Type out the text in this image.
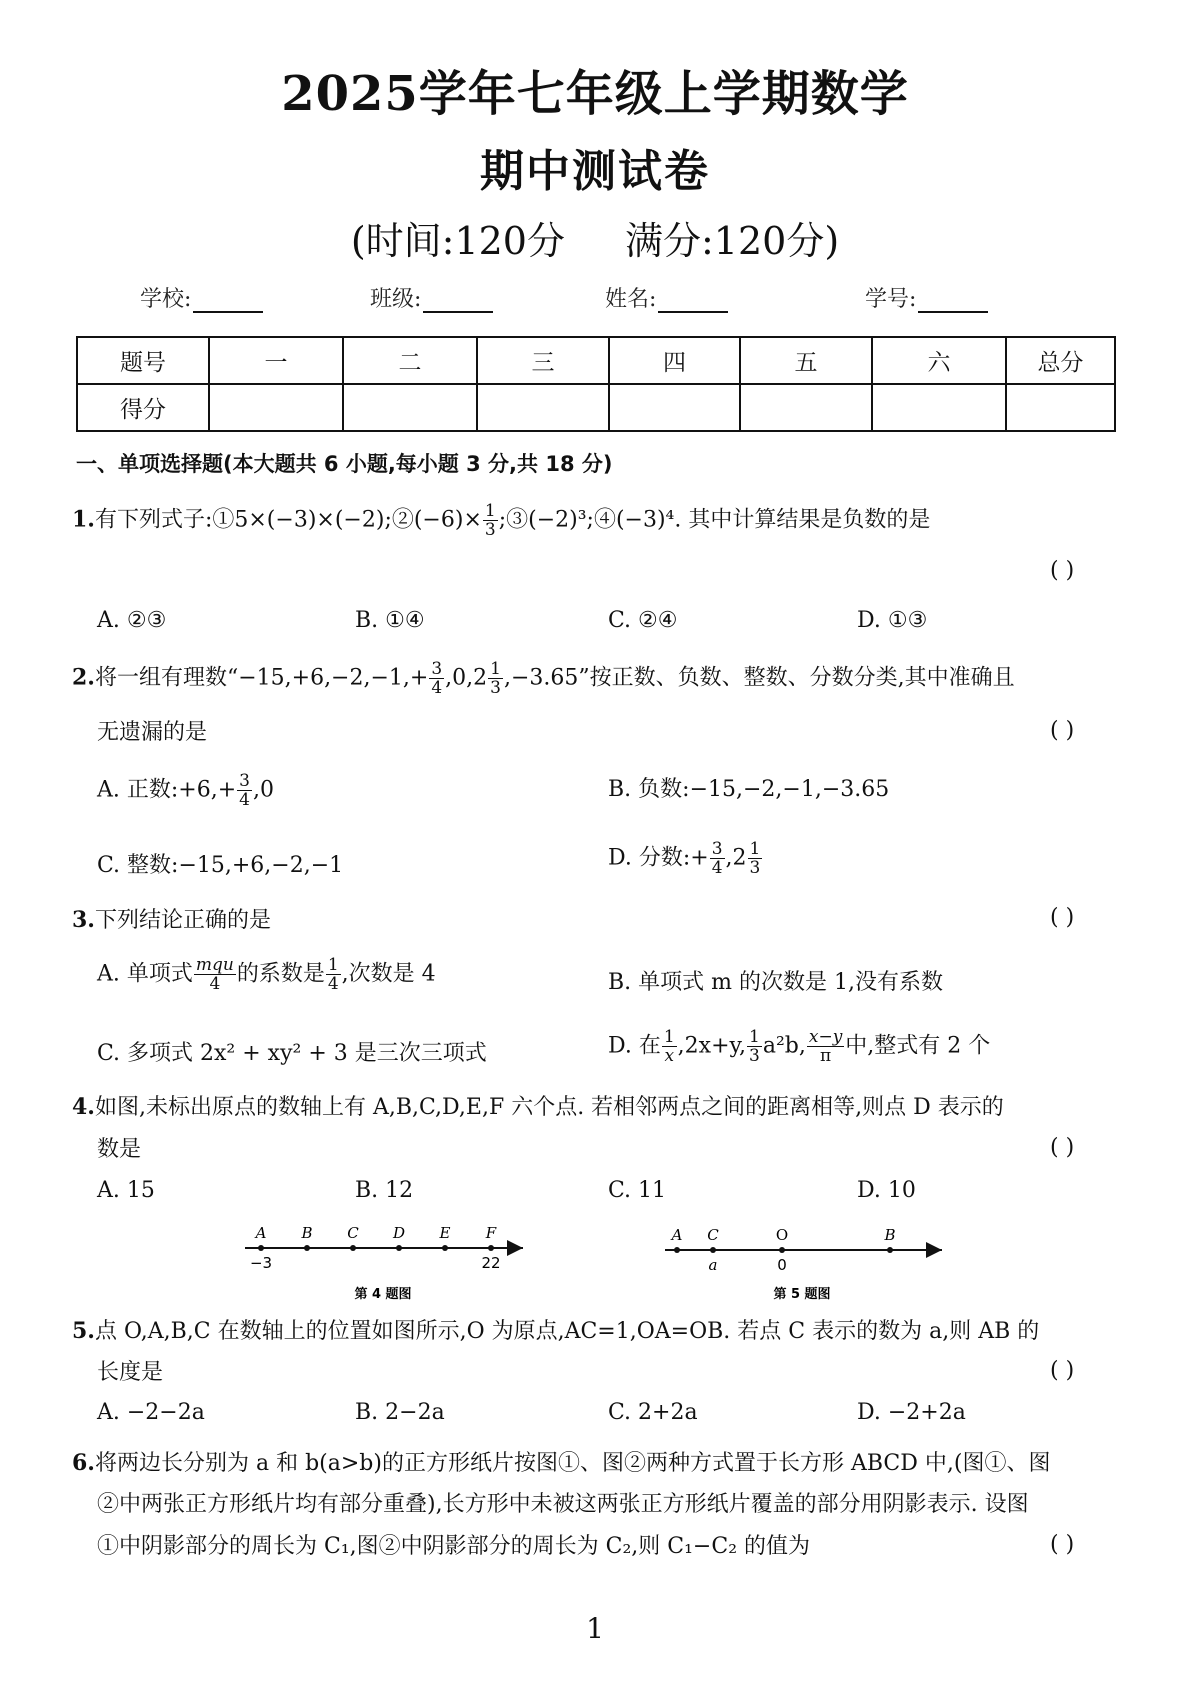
2025学年七年级上学期数学
期中测试卷
(时间:120分 满分:120分)
学校:	班级:	姓名:	学号:
题号	一	二	三	四	五	六	总分
得分							
一、单项选择题(本大题共 6 小题,每小题 3 分,共 18 分)
1.有下列式子:①5×(−3)×(−2);②(−6)× $\frac{1}{3}$ ;③(−2)³;④(−3)⁴. 其中计算结果是负数的是
( )
A. ②③	B. ①④	C. ②④	D. ①③
2.将一组有理数“$-15,+6,-2,-1,+ \frac{3}{4} ,0,2 \frac{1}{3} ,-3.65$”按正数、负数、整数、分数分类,其中准确且
无遗漏的是	( )
A. 正数:+6,+ $\frac{3}{4} ,0$	B. 负数:−15,−2,−1,−3.65
C. 整数:−15,+6,−2,−1	D. 分数:+ $\frac{3}{4} ,2 \frac{1}{3}$
3.下列结论正确的是	( )
A. 单项式 $\frac{\text{mqu}}{4}$ 的系数是 $\frac{1}{4}$ ,次数是 4	B. 单项式 m 的次数是 1,没有系数
C. 多项式 2x² + xy² + 3 是三次三项式	D. 在 $\frac{1}{x} ,2x+y$, $\frac{1}{3} a^2b$, $\frac{x-y}{\pi}$ 中,整式有 2 个
4.如图,未标出原点的数轴上有 A,B,C,D,E,F 六个点. 若相邻两点之间的距离相等,则点 D 表示的
数是	( )
A. 15	B. 12	C. 11	D. 10
A B C D E F
−3	22
第 4 题图
A C	O	B
a	0
第 5 题图
5.点 O,A,B,C 在数轴上的位置如图所示,O 为原点,AC=1,OA=OB. 若点 C 表示的数为 a,则 AB 的
长度是	( )
A. −2−2a	B. 2−2a	C. 2+2a	D. −2+2a
6.将两边长分别为 a 和 b(a>b)的正方形纸片按图①、图②两种方式置于长方形 ABCD 中,(图①、图
②中两张正方形纸片均有部分重叠),长方形中未被这两张正方形纸片覆盖的部分用阴影表示. 设图
①中阴影部分的周长为 C₁,图②中阴影部分的周长为 C₂,则 C₁−C₂ 的值为	( )
1
